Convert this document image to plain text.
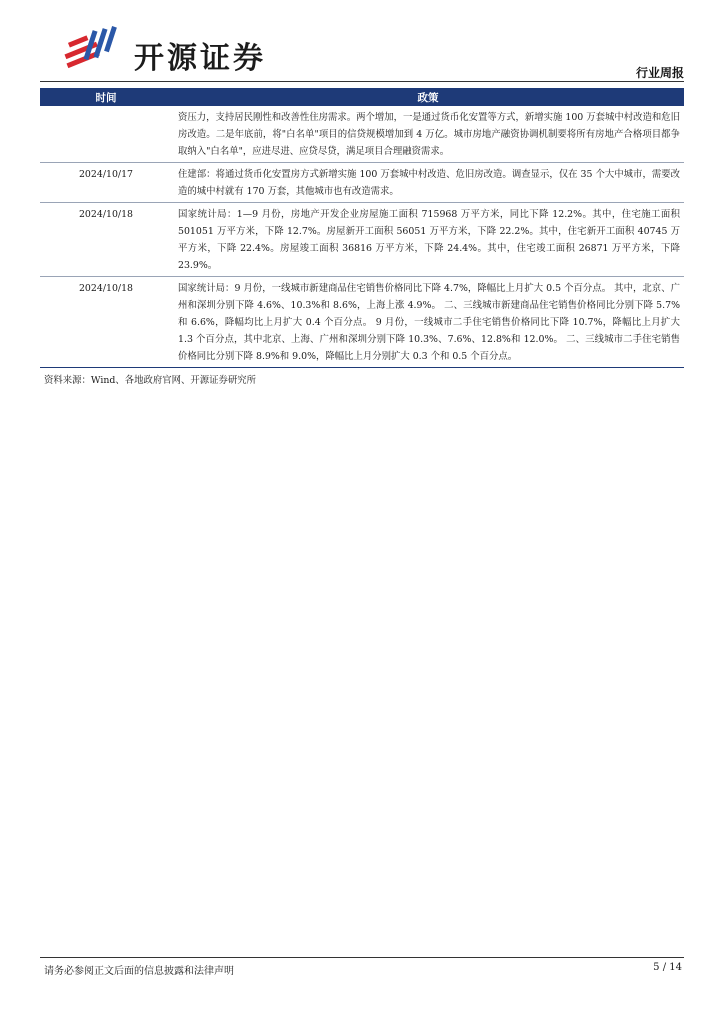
开源证券	行业周报
时间	政策
	资压力，支持居民刚性和改善性住房需求。两个增加，一是通过货币化安置等方式，新增实施 100 万套城中村改造和危旧房改造。二是年底前，将"白名单"项目的信贷规模增加到 4 万亿。城市房地产融资协调机制要将所有房地产合格项目都争取纳入"白名单"，应进尽进、应贷尽贷，满足项目合理融资需求。
2024/10/17	住建部：将通过货币化安置房方式新增实施 100 万套城中村改造、危旧房改造。调查显示，仅在 35 个大中城市，需要改造的城中村就有 170 万套，其他城市也有改造需求。
2024/10/18	国家统计局：1—9 月份，房地产开发企业房屋施工面积 715968 万平方米，同比下降 12.2%。其中，住宅施工面积 501051 万平方米，下降 12.7%。房屋新开工面积 56051 万平方米，下降 22.2%。其中，住宅新开工面积 40745 万平方米，下降 22.4%。房屋竣工面积 36816 万平方米，下降 24.4%。其中，住宅竣工面积 26871 万平方米，下降 23.9%。
2024/10/18	国家统计局：9 月份，一线城市新建商品住宅销售价格同比下降 4.7%，降幅比上月扩大 0.5 个百分点。 其中，北京、广州和深圳分别下降 4.6%、10.3%和 8.6%，上海上涨 4.9%。 二、三线城市新建商品住宅销售价格同比分别下降 5.7%和 6.6%，降幅均比上月扩大 0.4 个百分点。 9 月份，一线城市二手住宅销售价格同比下降 10.7%，降幅比上月扩大 1.3 个百分点，其中北京、上海、广州和深圳分别下降 10.3%、7.6%、12.8%和 12.0%。 二、三线城市二手住宅销售价格同比分别下降 8.9%和 9.0%，降幅比上月分别扩大 0.3 个和 0.5 个百分点。
资料来源：Wind、各地政府官网、开源证券研究所
请务必参阅正文后面的信息披露和法律声明	5 / 14
